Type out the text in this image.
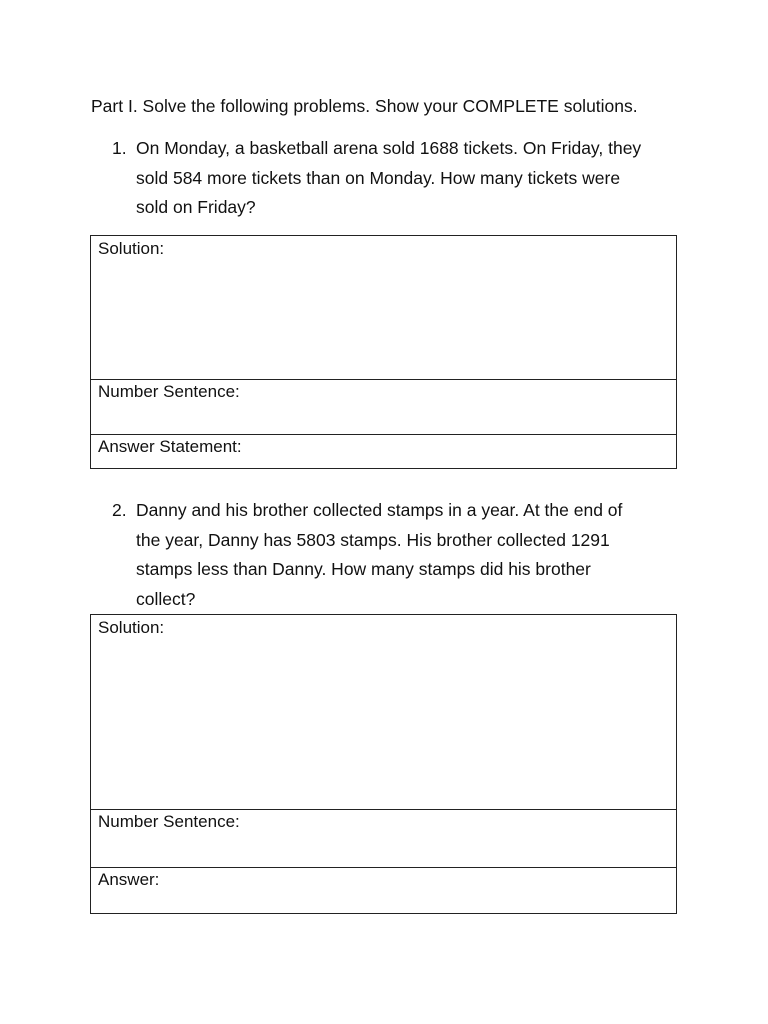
Part I. Solve the following problems. Show your COMPLETE solutions.
1. On Monday, a basketball arena sold 1688 tickets. On Friday, they
sold 584 more tickets than on Monday. How many tickets were
sold on Friday?
Solution:
Number Sentence:
Answer Statement:
2. Danny and his brother collected stamps in a year. At the end of
the year, Danny has 5803 stamps. His brother collected 1291
stamps less than Danny. How many stamps did his brother
collect?
Solution:
Number Sentence:
Answer:
